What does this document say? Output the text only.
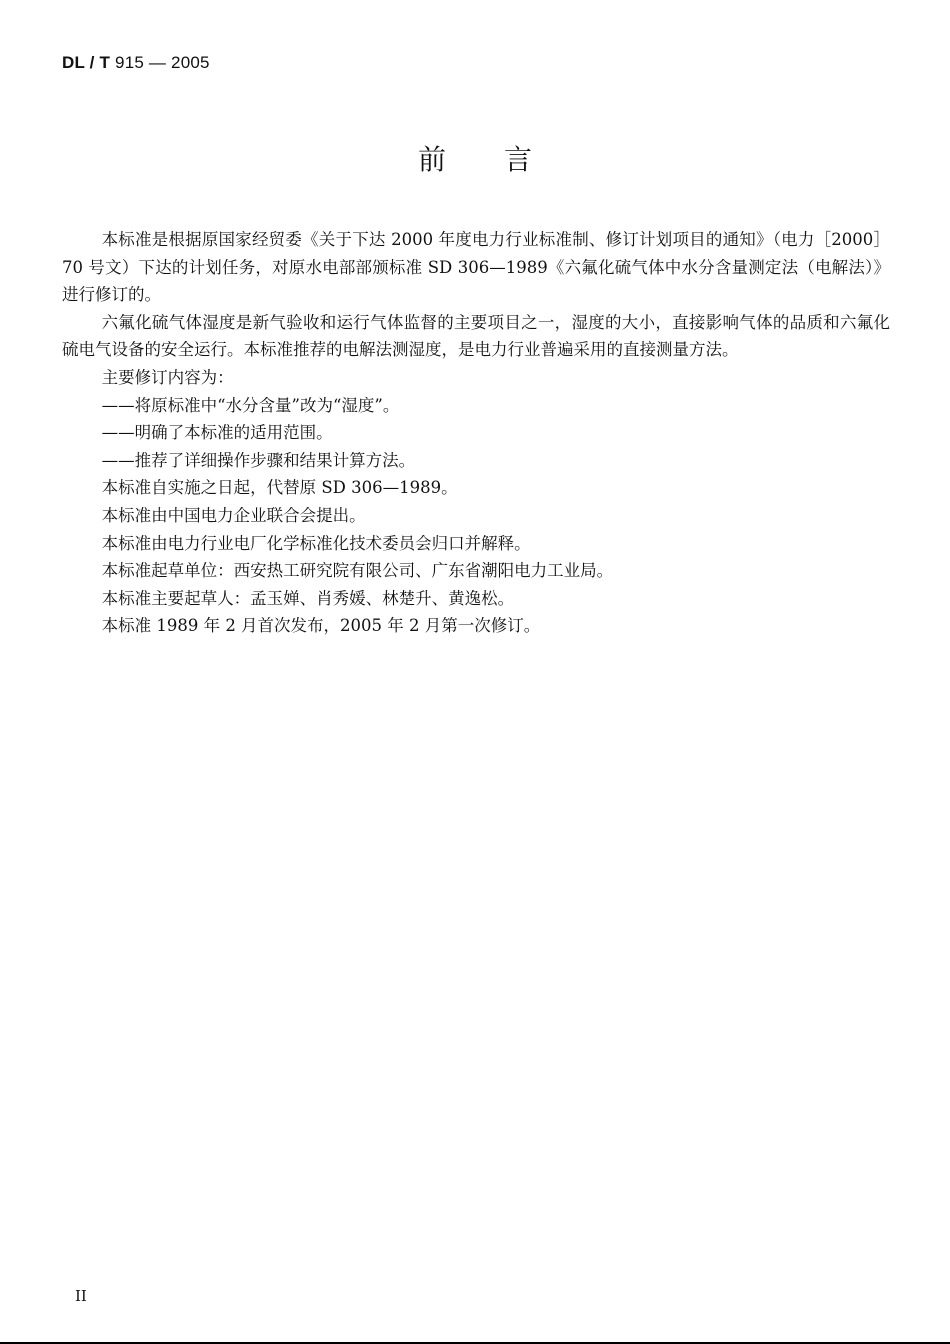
DL / T 915 — 2005
前言

本标准是根据原国家经贸委《关于下达 2000 年度电力行业标准制、修订计划项目的通知》（电力［2000］70 号文）下达的计划任务，对原水电部部颁标准 SD 306—1989《六氟化硫气体中水分含量测定法（电解法）》进行修订的。

六氟化硫气体湿度是新气验收和运行气体监督的主要项目之一，湿度的大小，直接影响气体的品质和六氟化硫电气设备的安全运行。本标准推荐的电解法测湿度，是电力行业普遍采用的直接测量方法。

主要修订内容为：

——将原标准中“水分含量”改为“湿度”。

——明确了本标准的适用范围。

——推荐了详细操作步骤和结果计算方法。

本标准自实施之日起，代替原 SD 306—1989。

本标准由中国电力企业联合会提出。

本标准由电力行业电厂化学标准化技术委员会归口并解释。

本标准起草单位：西安热工研究院有限公司、广东省潮阳电力工业局。

本标准主要起草人：孟玉婵、肖秀媛、林楚升、黄逸松。

本标准 1989 年 2 月首次发布，2005 年 2 月第一次修订。

II
